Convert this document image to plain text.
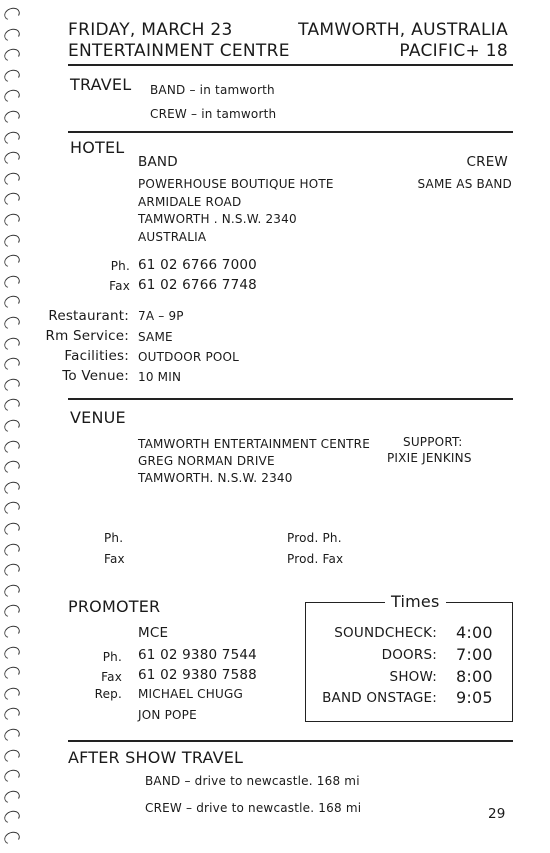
FRIDAY, MARCH 23
ENTERTAINMENT CENTRE
TAMWORTH, AUSTRALIA
PACIFIC+ 18
TRAVEL BAND – in tamworth
CREW – in tamworth
HOTEL
BAND	CREW
SAME AS BAND
POWERHOUSE BOUTIQUE HOTE
ARMIDALE ROAD
TAMWORTH . N.S.W. 2340
AUSTRALIA
Ph. 61 02 6766 7000
Fax 61 02 6766 7748
Restaurant: 7A – 9P
Rm Service: SAME
Facilities: OUTDOOR POOL
To Venue: 10 MIN
VENUE
TAMWORTH ENTERTAINMENT CENTRE
GREG NORMAN DRIVE
TAMWORTH. N.S.W. 2340
SUPPORT:
PIXIE JENKINS
Ph.
Fax
Prod. Ph.
Prod. Fax
PROMOTER
MCE
Ph. 61 02 9380 7544
Fax 61 02 9380 7588
Rep. MICHAEL CHUGG
JON POPE
Times
SOUNDCHECK: 4:00
DOORS: 7:00
SHOW: 8:00
BAND ONSTAGE: 9:05
AFTER SHOW TRAVEL
BAND – drive to newcastle. 168 mi
CREW – drive to newcastle. 168 mi	29
